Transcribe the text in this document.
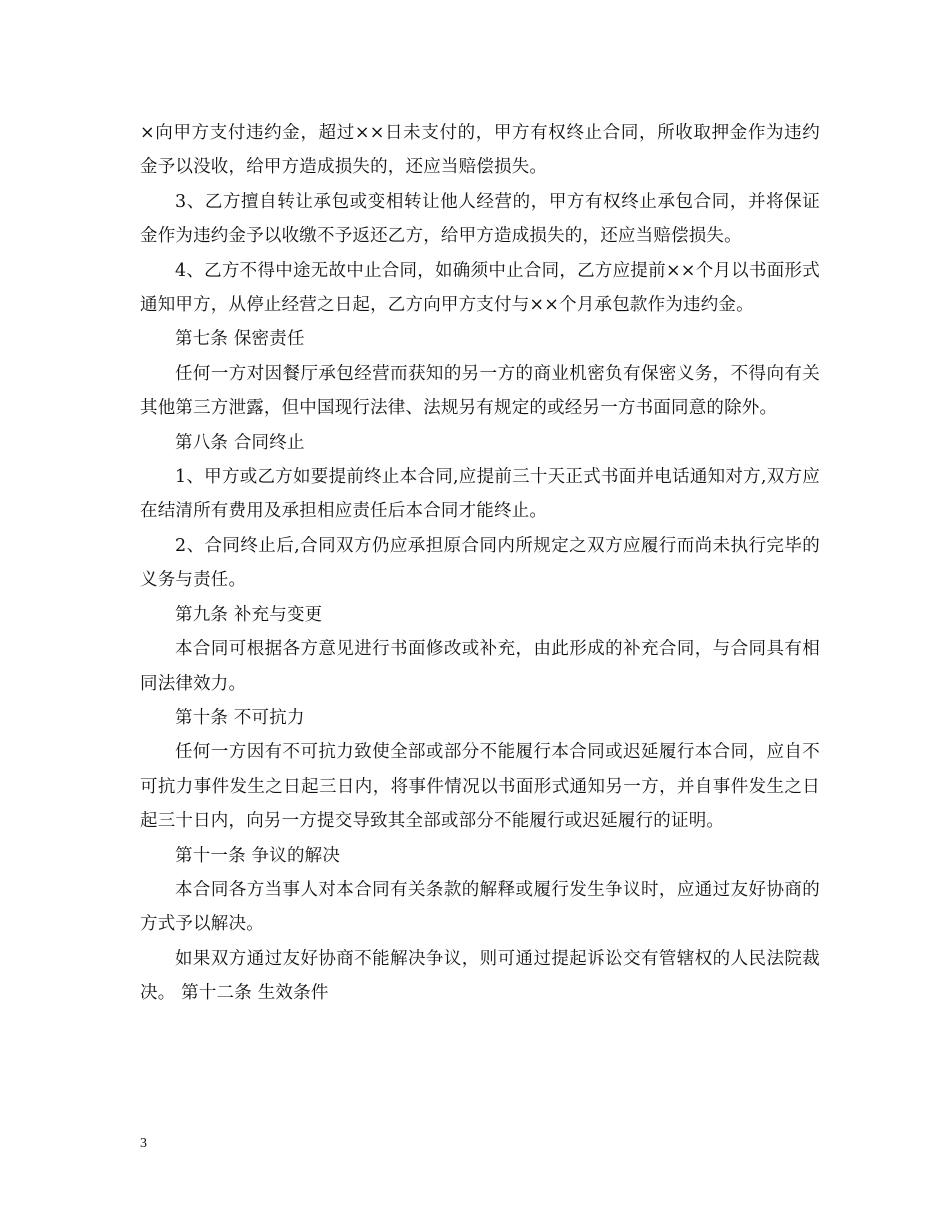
×向甲方支付违约金，超过××日未支付的，甲方有权终止合同，所收取押金作为违约金予以没收，给甲方造成损失的，还应当赔偿损失。

3、乙方擅自转让承包或变相转让他人经营的，甲方有权终止承包合同，并将保证金作为违约金予以收缴不予返还乙方，给甲方造成损失的，还应当赔偿损失。

4、乙方不得中途无故中止合同，如确须中止合同，乙方应提前××个月以书面形式通知甲方，从停止经营之日起，乙方向甲方支付与××个月承包款作为违约金。

第七条 保密责任

任何一方对因餐厅承包经营而获知的另一方的商业机密负有保密义务，不得向有关其他第三方泄露，但中国现行法律、法规另有规定的或经另一方书面同意的除外。

第八条 合同终止

1、甲方或乙方如要提前终止本合同,应提前三十天正式书面并电话通知对方,双方应在结清所有费用及承担相应责任后本合同才能终止。

2、合同终止后,合同双方仍应承担原合同内所规定之双方应履行而尚未执行完毕的义务与责任。

第九条 补充与变更

本合同可根据各方意见进行书面修改或补充，由此形成的补充合同，与合同具有相同法律效力。

第十条 不可抗力

任何一方因有不可抗力致使全部或部分不能履行本合同或迟延履行本合同，应自不可抗力事件发生之日起三日内，将事件情况以书面形式通知另一方，并自事件发生之日起三十日内，向另一方提交导致其全部或部分不能履行或迟延履行的证明。

第十一条 争议的解决

本合同各方当事人对本合同有关条款的解释或履行发生争议时，应通过友好协商的方式予以解决。

如果双方通过友好协商不能解决争议，则可通过提起诉讼交有管辖权的人民法院裁决。 第十二条 生效条件

3
